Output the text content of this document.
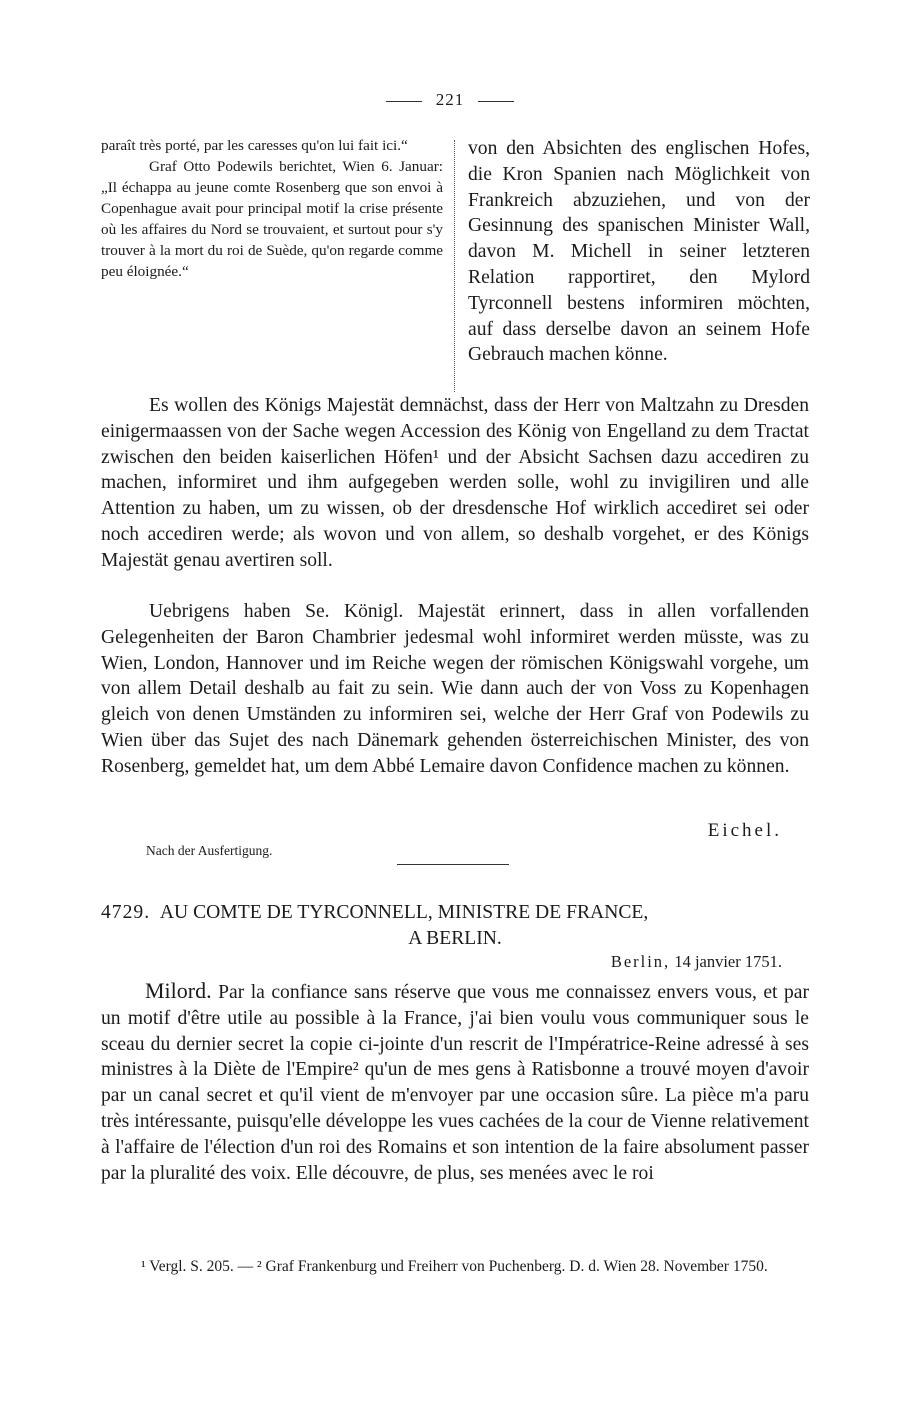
221

paraît très porté, par les caresses qu'on lui fait ici.“

Graf Otto Podewils berichtet, Wien 6. Januar: „Il échappa au jeune comte Rosenberg que son envoi à Copenhague avait pour principal motif la crise présente où les affaires du Nord se trouvaient, et surtout pour s'y trouver à la mort du roi de Suède, qu'on regarde comme peu éloignée.“

von den Absichten des englischen Hofes, die Kron Spanien nach Möglichkeit von Frankreich abzuziehen, und von der Gesinnung des spanischen Minister Wall, davon M. Michell in seiner letzteren Relation rapportiret, den Mylord Tyrconnell bestens informiren möchten, auf dass derselbe davon an seinem Hofe Gebrauch machen könne.

Es wollen des Königs Majestät demnächst, dass der Herr von Maltzahn zu Dresden einigermaassen von der Sache wegen Accession des König von Engelland zu dem Tractat zwischen den beiden kaiserlichen Höfen¹ und der Absicht Sachsen dazu accediren zu machen, informiret und ihm aufgegeben werden solle, wohl zu invigiliren und alle Attention zu haben, um zu wissen, ob der dresdensche Hof wirklich accediret sei oder noch accediren werde; als wovon und von allem, so deshalb vorgehet, er des Königs Majestät genau avertiren soll.

Uebrigens haben Se. Königl. Majestät erinnert, dass in allen vorfallenden Gelegenheiten der Baron Chambrier jedesmal wohl informiret werden müsste, was zu Wien, London, Hannover und im Reiche wegen der römischen Königswahl vorgehe, um von allem Detail deshalb au fait zu sein. Wie dann auch der von Voss zu Kopenhagen gleich von denen Umständen zu informiren sei, welche der Herr Graf von Podewils zu Wien über das Sujet des nach Dänemark gehenden österreichischen Minister, des von Rosenberg, gemeldet hat, um dem Abbé Lemaire davon Confidence machen zu können.

Eichel.
Nach der Ausfertigung.
4729. AU COMTE DE TYRCONNELL, MINISTRE DE FRANCE,
A BERLIN.
Berlin, 14 janvier 1751.

Milord. Par la confiance sans réserve que vous me connaissez envers vous, et par un motif d'être utile au possible à la France, j'ai bien voulu vous communiquer sous le sceau du dernier secret la copie ci-jointe d'un rescrit de l'Impératrice-Reine adressé à ses ministres à la Diète de l'Empire² qu'un de mes gens à Ratisbonne a trouvé moyen d'avoir par un canal secret et qu'il vient de m'envoyer par une occasion sûre. La pièce m'a paru très intéressante, puisqu'elle développe les vues cachées de la cour de Vienne relativement à l'affaire de l'élection d'un roi des Romains et son intention de la faire absolument passer par la pluralité des voix. Elle découvre, de plus, ses menées avec le roi

¹ Vergl. S. 205. — ² Graf Frankenburg und Freiherr von Puchenberg. D. d. Wien 28. November 1750.
